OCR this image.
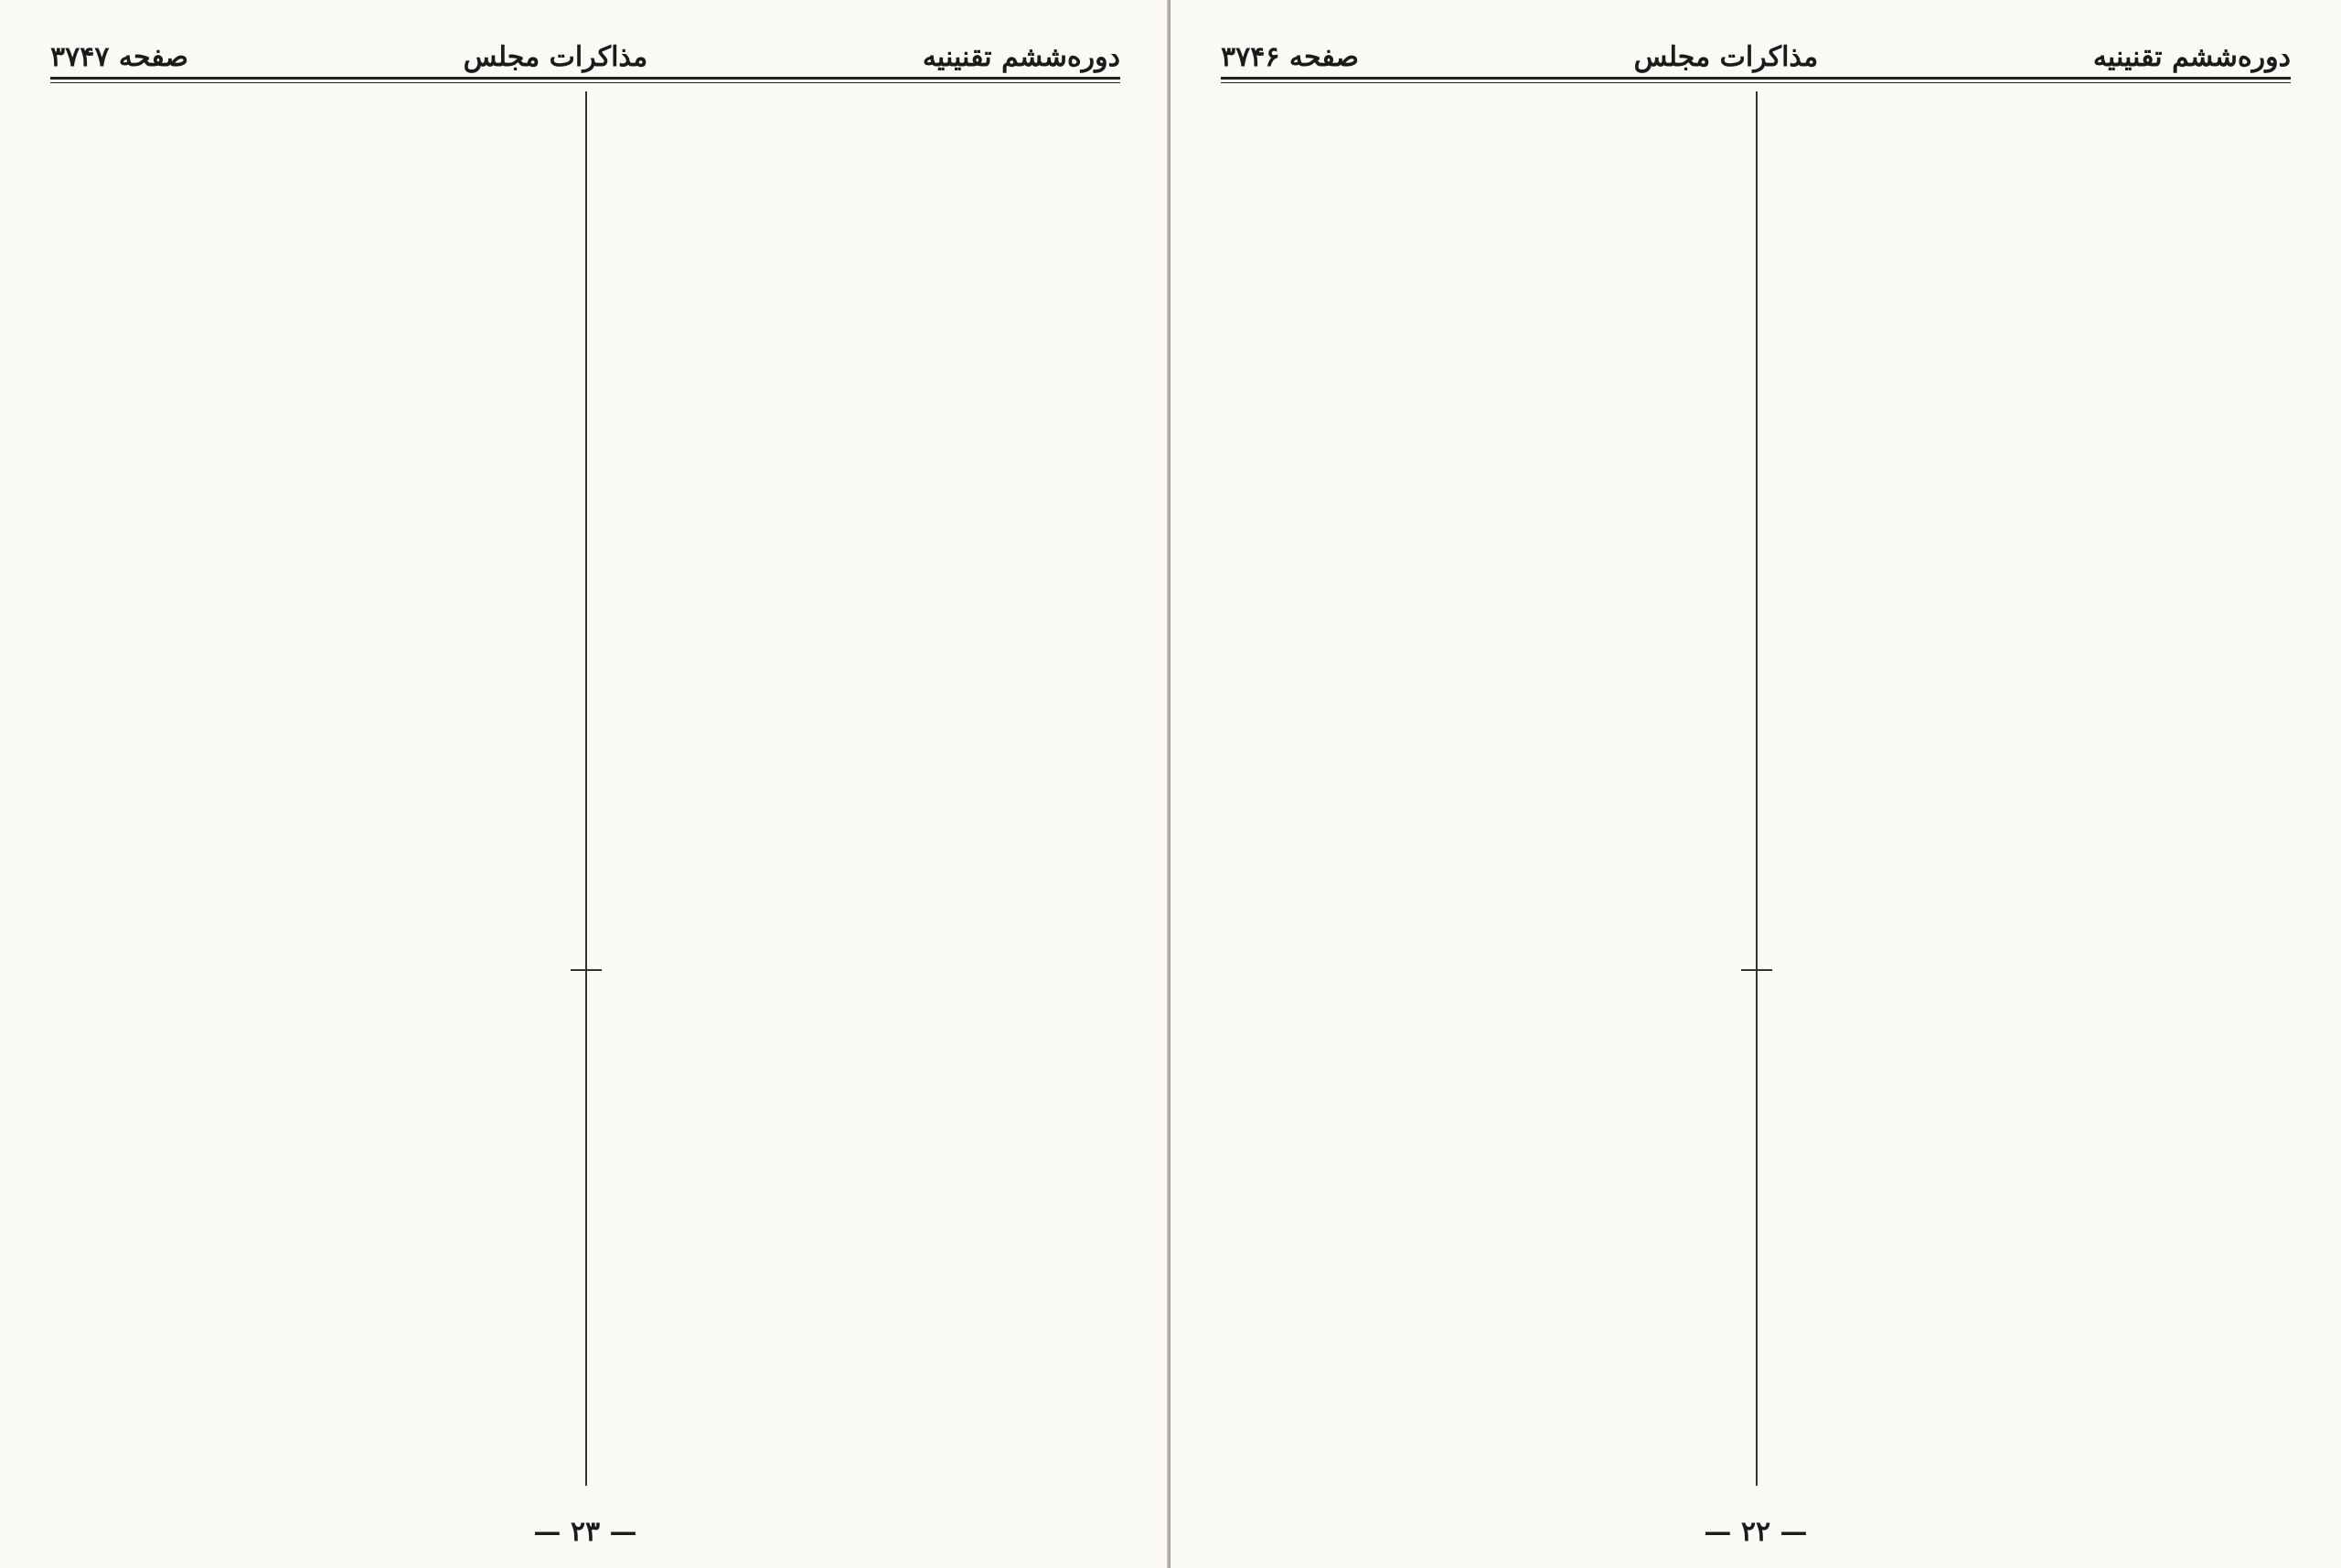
دوره‌ششم تقنینیه
مذاکرات مجلس
صفحه ۳۷۴۷
— ۲۳ —
دوره‌ششم تقنینیه
مذاکرات مجلس
صفحه ۳۷۴۶
— ۲۲ —
